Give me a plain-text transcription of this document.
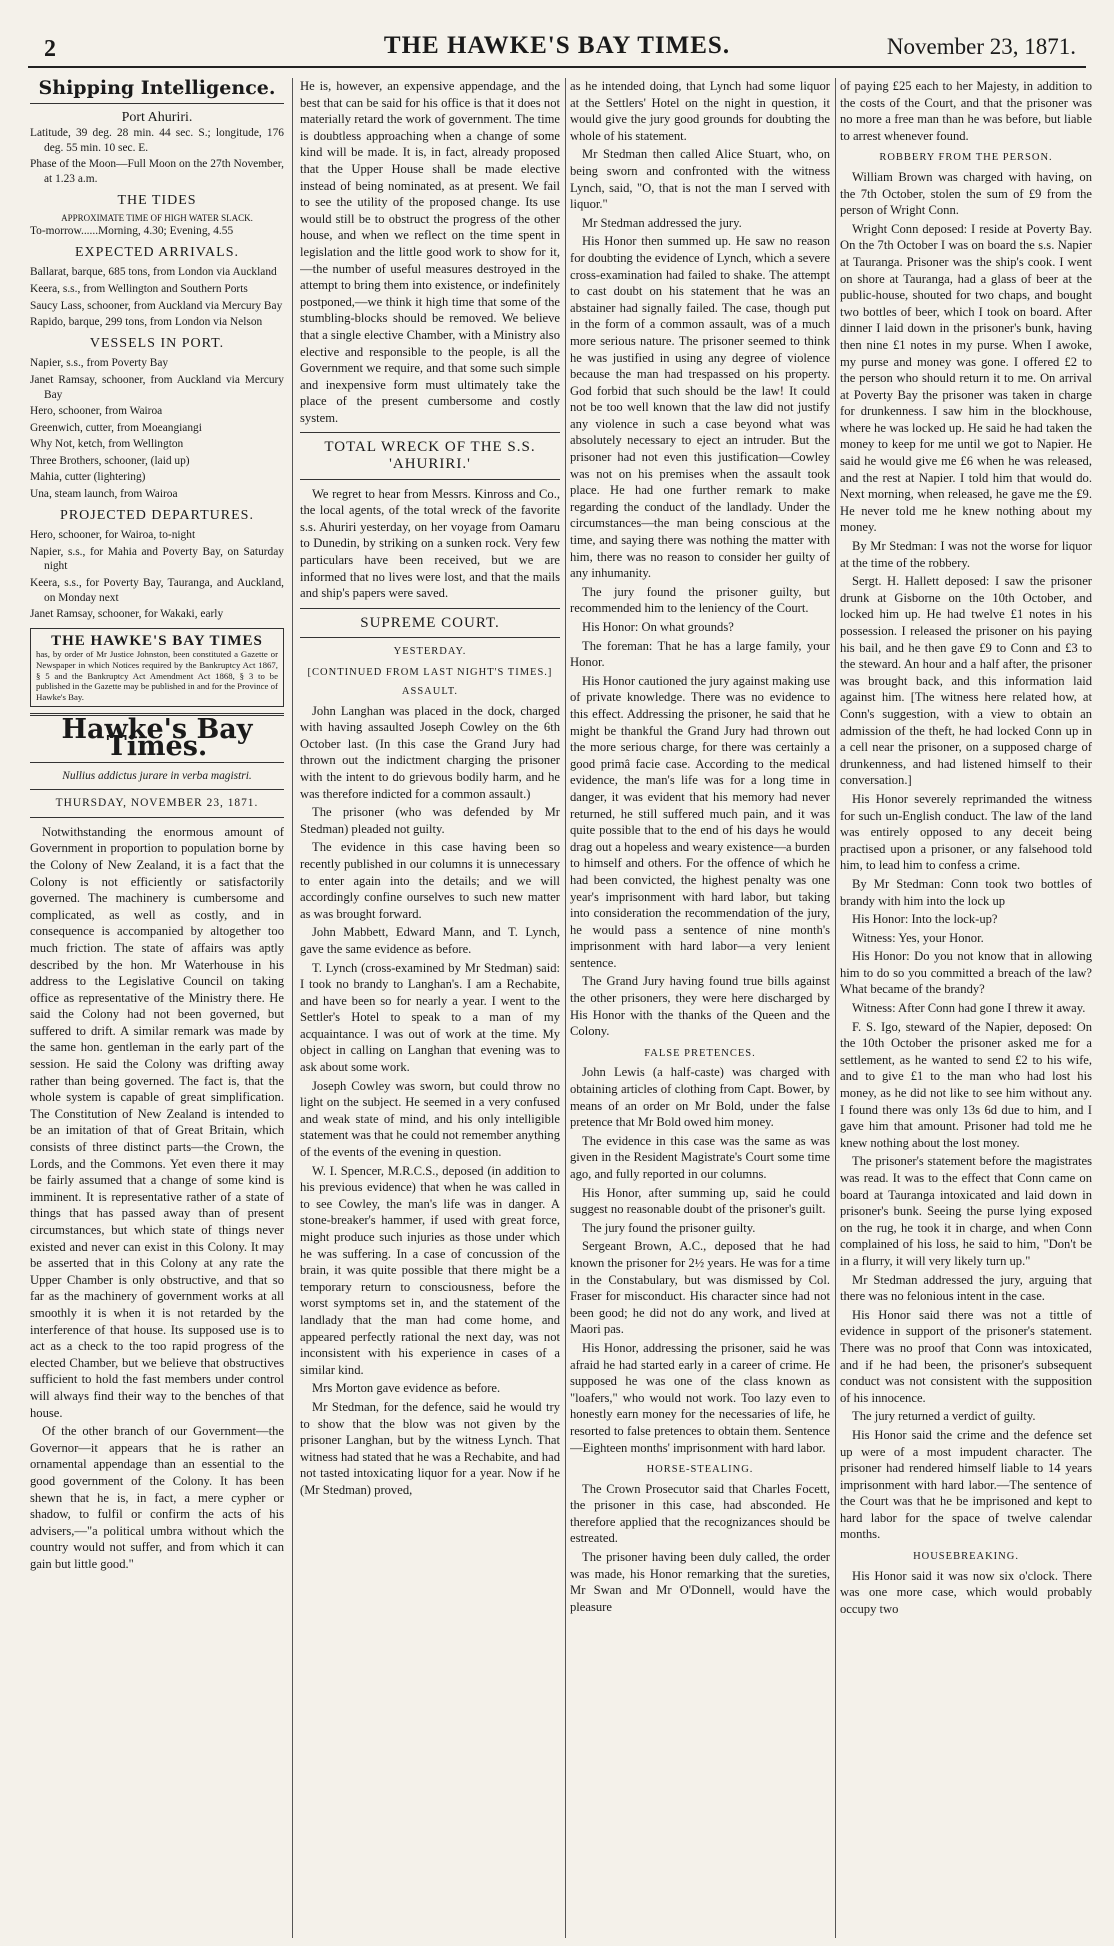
2	THE HAWKE'S BAY TIMES.	November 23, 1871.
Shipping Intelligence.
Port Ahuriri.

Latitude, 39 deg. 28 min. 44 sec. S.; longitude, 176 deg. 55 min. 10 sec. E.

Phase of the Moon—Full Moon on the 27th November, at 1.23 a.m.

THE TIDES
APPROXIMATE TIME OF HIGH WATER SLACK.

To-morrow......Morning, 4.30; Evening, 4.55

EXPECTED ARRIVALS.

Ballarat, barque, 685 tons, from London via Auckland

Keera, s.s., from Wellington and Southern Ports

Saucy Lass, schooner, from Auckland via Mercury Bay

Rapido, barque, 299 tons, from London via Nelson

VESSELS IN PORT.

Napier, s.s., from Poverty Bay

Janet Ramsay, schooner, from Auckland via Mercury Bay

Hero, schooner, from Wairoa

Greenwich, cutter, from Moeangiangi

Why Not, ketch, from Wellington

Three Brothers, schooner, (laid up)

Mahia, cutter (lightering)

Una, steam launch, from Wairoa

PROJECTED DEPARTURES.

Hero, schooner, for Wairoa, to-night

Napier, s.s., for Mahia and Poverty Bay, on Saturday night

Keera, s.s., for Poverty Bay, Tauranga, and Auckland, on Monday next

Janet Ramsay, schooner, for Wakaki, early

THE HAWKE'S BAY TIMES
has, by order of Mr Justice Johnston, been constituted a Gazette or Newspaper in which Notices required by the Bankruptcy Act 1867, § 5 and the Bankruptcy Act Amendment Act 1868, § 3 to be published in the Gazette may be published in and for the Province of Hawke's Bay.
Hawke's Bay Times.
Nullius addictus jurare in verba magistri.
THURSDAY, NOVEMBER 23, 1871.

Notwithstanding the enormous amount of Government in proportion to population borne by the Colony of New Zealand, it is a fact that the Colony is not efficiently or satisfactorily governed. The machinery is cumbersome and complicated, as well as costly, and in consequence is accompanied by altogether too much friction. The state of affairs was aptly described by the hon. Mr Waterhouse in his address to the Legislative Council on taking office as representative of the Ministry there. He said the Colony had not been governed, but suffered to drift. A similar remark was made by the same hon. gentleman in the early part of the session. He said the Colony was drifting away rather than being governed. The fact is, that the whole system is capable of great simplification. The Constitution of New Zealand is intended to be an imitation of that of Great Britain, which consists of three distinct parts—the Crown, the Lords, and the Commons. Yet even there it may be fairly assumed that a change of some kind is imminent. It is representative rather of a state of things that has passed away than of present circumstances, but which state of things never existed and never can exist in this Colony. It may be asserted that in this Colony at any rate the Upper Chamber is only obstructive, and that so far as the machinery of government works at all smoothly it is when it is not retarded by the interference of that house. Its supposed use is to act as a check to the too rapid progress of the elected Chamber, but we believe that obstructives sufficient to hold the fast members under control will always find their way to the benches of that house.

Of the other branch of our Government—the Governor—it appears that he is rather an ornamental appendage than an essential to the good government of the Colony. It has been shewn that he is, in fact, a mere cypher or shadow, to fulfil or confirm the acts of his advisers,—"a political umbra without which the country would not suffer, and from which it can gain but little good."

He is, however, an expensive appendage, and the best that can be said for his office is that it does not materially retard the work of government. The time is doubtless approaching when a change of some kind will be made. It is, in fact, already proposed that the Upper House shall be made elective instead of being nominated, as at present. We fail to see the utility of the proposed change. Its use would still be to obstruct the progress of the other house, and when we reflect on the time spent in legislation and the little good work to show for it,—the number of useful measures destroyed in the attempt to bring them into existence, or indefinitely postponed,—we think it high time that some of the stumbling-blocks should be removed. We believe that a single elective Chamber, with a Ministry also elective and responsible to the people, is all the Government we require, and that some such simple and inexpensive form must ultimately take the place of the present cumbersome and costly system.

TOTAL WRECK OF THE S.S. 'AHURIRI.'

We regret to hear from Messrs. Kinross and Co., the local agents, of the total wreck of the favorite s.s. Ahuriri yesterday, on her voyage from Oamaru to Dunedin, by striking on a sunken rock. Very few particulars have been received, but we are informed that no lives were lost, and that the mails and ship's papers were saved.

SUPREME COURT.
YESTERDAY.
[CONTINUED FROM LAST NIGHT'S TIMES.]
ASSAULT.

John Langhan was placed in the dock, charged with having assaulted Joseph Cowley on the 6th October last. (In this case the Grand Jury had thrown out the indictment charging the prisoner with the intent to do grievous bodily harm, and he was therefore indicted for a common assault.)

The prisoner (who was defended by Mr Stedman) pleaded not guilty.

The evidence in this case having been so recently published in our columns it is unnecessary to enter again into the details; and we will accordingly confine ourselves to such new matter as was brought forward.

John Mabbett, Edward Mann, and T. Lynch, gave the same evidence as before.

T. Lynch (cross-examined by Mr Stedman) said: I took no brandy to Langhan's. I am a Rechabite, and have been so for nearly a year. I went to the Settler's Hotel to speak to a man of my acquaintance. I was out of work at the time. My object in calling on Langhan that evening was to ask about some work.

Joseph Cowley was sworn, but could throw no light on the subject. He seemed in a very confused and weak state of mind, and his only intelligible statement was that he could not remember anything of the events of the evening in question.

W. I. Spencer, M.R.C.S., deposed (in addition to his previous evidence) that when he was called in to see Cowley, the man's life was in danger. A stone-breaker's hammer, if used with great force, might produce such injuries as those under which he was suffering. In a case of concussion of the brain, it was quite possible that there might be a temporary return to consciousness, before the worst symptoms set in, and the statement of the landlady that the man had come home, and appeared perfectly rational the next day, was not inconsistent with his experience in cases of a similar kind.

Mrs Morton gave evidence as before.

Mr Stedman, for the defence, said he would try to show that the blow was not given by the prisoner Langhan, but by the witness Lynch. That witness had stated that he was a Rechabite, and had not tasted intoxicating liquor for a year. Now if he (Mr Stedman) proved,

as he intended doing, that Lynch had some liquor at the Settlers' Hotel on the night in question, it would give the jury good grounds for doubting the whole of his statement.

Mr Stedman then called Alice Stuart, who, on being sworn and confronted with the witness Lynch, said, "O, that is not the man I served with liquor."

Mr Stedman addressed the jury.

His Honor then summed up. He saw no reason for doubting the evidence of Lynch, which a severe cross-examination had failed to shake. The attempt to cast doubt on his statement that he was an abstainer had signally failed. The case, though put in the form of a common assault, was of a much more serious nature. The prisoner seemed to think he was justified in using any degree of violence because the man had trespassed on his property. God forbid that such should be the law! It could not be too well known that the law did not justify any violence in such a case beyond what was absolutely necessary to eject an intruder. But the prisoner had not even this justification—Cowley was not on his premises when the assault took place. He had one further remark to make regarding the conduct of the landlady. Under the circumstances—the man being conscious at the time, and saying there was nothing the matter with him, there was no reason to consider her guilty of any inhumanity.

The jury found the prisoner guilty, but recommended him to the leniency of the Court.

His Honor: On what grounds?

The foreman: That he has a large family, your Honor.

His Honor cautioned the jury against making use of private knowledge. There was no evidence to this effect. Addressing the prisoner, he said that he might be thankful the Grand Jury had thrown out the more serious charge, for there was certainly a good primâ facie case. According to the medical evidence, the man's life was for a long time in danger, it was evident that his memory had never returned, he still suffered much pain, and it was quite possible that to the end of his days he would drag out a hopeless and weary existence—a burden to himself and others. For the offence of which he had been convicted, the highest penalty was one year's imprisonment with hard labor, but taking into consideration the recommendation of the jury, he would pass a sentence of nine month's imprisonment with hard labor—a very lenient sentence.

The Grand Jury having found true bills against the other prisoners, they were here discharged by His Honor with the thanks of the Queen and the Colony.

FALSE PRETENCES.

John Lewis (a half-caste) was charged with obtaining articles of clothing from Capt. Bower, by means of an order on Mr Bold, under the false pretence that Mr Bold owed him money.

The evidence in this case was the same as was given in the Resident Magistrate's Court some time ago, and fully reported in our columns.

His Honor, after summing up, said he could suggest no reasonable doubt of the prisoner's guilt.

The jury found the prisoner guilty.

Sergeant Brown, A.C., deposed that he had known the prisoner for 2½ years. He was for a time in the Constabulary, but was dismissed by Col. Fraser for misconduct. His character since had not been good; he did not do any work, and lived at Maori pas.

His Honor, addressing the prisoner, said he was afraid he had started early in a career of crime. He supposed he was one of the class known as "loafers," who would not work. Too lazy even to honestly earn money for the necessaries of life, he resorted to false pretences to obtain them. Sentence—Eighteen months' imprisonment with hard labor.

HORSE-STEALING.

The Crown Prosecutor said that Charles Focett, the prisoner in this case, had absconded. He therefore applied that the recognizances should be estreated.

The prisoner having been duly called, the order was made, his Honor remarking that the sureties, Mr Swan and Mr O'Donnell, would have the pleasure

of paying £25 each to her Majesty, in addition to the costs of the Court, and that the prisoner was no more a free man than he was before, but liable to arrest whenever found.

ROBBERY FROM THE PERSON.

William Brown was charged with having, on the 7th October, stolen the sum of £9 from the person of Wright Conn.

Wright Conn deposed: I reside at Poverty Bay. On the 7th October I was on board the s.s. Napier at Tauranga. Prisoner was the ship's cook. I went on shore at Tauranga, had a glass of beer at the public-house, shouted for two chaps, and bought two bottles of beer, which I took on board. After dinner I laid down in the prisoner's bunk, having then nine £1 notes in my purse. When I awoke, my purse and money was gone. I offered £2 to the person who should return it to me. On arrival at Poverty Bay the prisoner was taken in charge for drunkenness. I saw him in the blockhouse, where he was locked up. He said he had taken the money to keep for me until we got to Napier. He said he would give me £6 when he was released, and the rest at Napier. I told him that would do. Next morning, when released, he gave me the £9. He never told me he knew nothing about my money.

By Mr Stedman: I was not the worse for liquor at the time of the robbery.

Sergt. H. Hallett deposed: I saw the prisoner drunk at Gisborne on the 10th October, and locked him up. He had twelve £1 notes in his possession. I released the prisoner on his paying his bail, and he then gave £9 to Conn and £3 to the steward. An hour and a half after, the prisoner was brought back, and this information laid against him. [The witness here related how, at Conn's suggestion, with a view to obtain an admission of the theft, he had locked Conn up in a cell near the prisoner, on a supposed charge of drunkenness, and had listened himself to their conversation.]

His Honor severely reprimanded the witness for such un-English conduct. The law of the land was entirely opposed to any deceit being practised upon a prisoner, or any falsehood told him, to lead him to confess a crime.

By Mr Stedman: Conn took two bottles of brandy with him into the lock up

His Honor: Into the lock-up?

Witness: Yes, your Honor.

His Honor: Do you not know that in allowing him to do so you committed a breach of the law? What became of the brandy?

Witness: After Conn had gone I threw it away.

F. S. Igo, steward of the Napier, deposed: On the 10th October the prisoner asked me for a settlement, as he wanted to send £2 to his wife, and to give £1 to the man who had lost his money, as he did not like to see him without any. I found there was only 13s 6d due to him, and I gave him that amount. Prisoner had told me he knew nothing about the lost money.

The prisoner's statement before the magistrates was read. It was to the effect that Conn came on board at Tauranga intoxicated and laid down in prisoner's bunk. Seeing the purse lying exposed on the rug, he took it in charge, and when Conn complained of his loss, he said to him, "Don't be in a flurry, it will very likely turn up."

Mr Stedman addressed the jury, arguing that there was no felonious intent in the case.

His Honor said there was not a tittle of evidence in support of the prisoner's statement. There was no proof that Conn was intoxicated, and if he had been, the prisoner's subsequent conduct was not consistent with the supposition of his innocence.

The jury returned a verdict of guilty.

His Honor said the crime and the defence set up were of a most impudent character. The prisoner had rendered himself liable to 14 years imprisonment with hard labor.—The sentence of the Court was that he be imprisoned and kept to hard labor for the space of twelve calendar months.

HOUSEBREAKING.

His Honor said it was now six o'clock. There was one more case, which would probably occupy two
